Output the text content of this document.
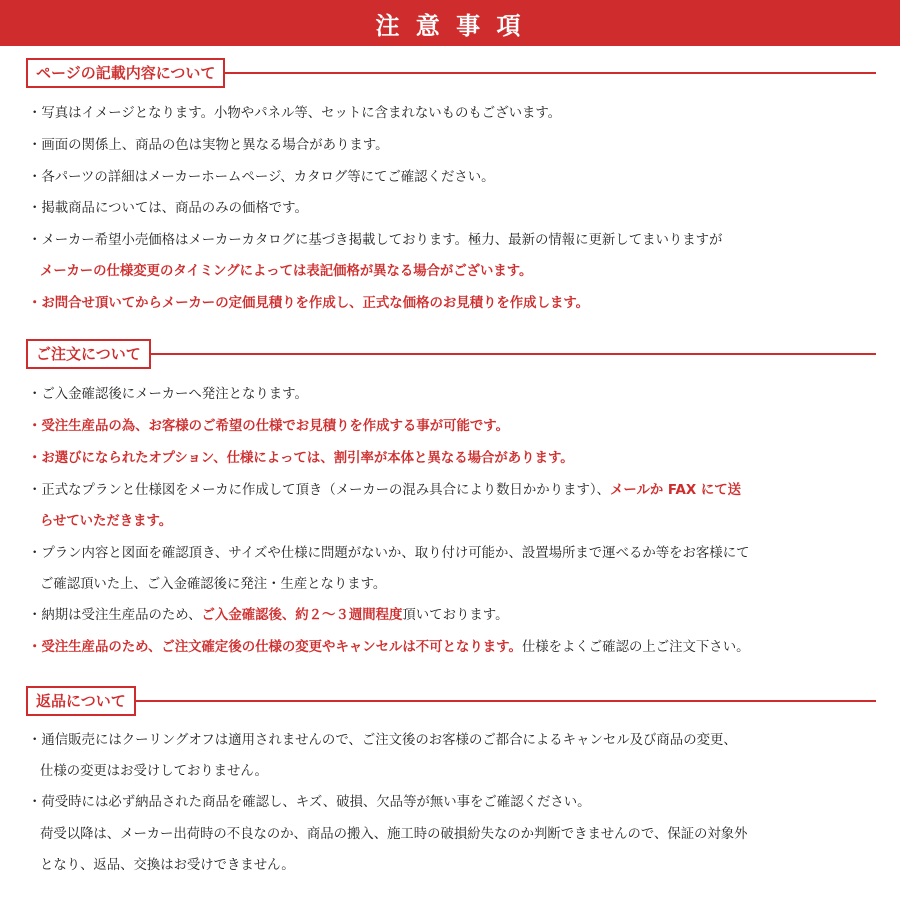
注 意 事 項
ページの記載内容について
・写真はイメージとなります。小物やパネル等、セットに含まれないものもございます。
・画面の関係上、商品の色は実物と異なる場合があります。
・各パーツの詳細はメーカーホームページ、カタログ等にてご確認ください。
・掲載商品については、商品のみの価格です。
・メーカー希望小売価格はメーカーカタログに基づき掲載しております。極力、最新の情報に更新してまいりますが
メーカーの仕様変更のタイミングによっては表記価格が異なる場合がございます。
・お問合せ頂いてからメーカーの定価見積りを作成し、正式な価格のお見積りを作成します。
ご注文について
・ご入金確認後にメーカーへ発注となります。
・受注生産品の為、お客様のご希望の仕様でお見積りを作成する事が可能です。
・お選びになられたオプション、仕様によっては、割引率が本体と異なる場合があります。
・正式なプランと仕様図をメーカに作成して頂き（メーカーの混み具合により数日かかります）、メールか FAX にて送
らせていただきます。
・プラン内容と図面を確認頂き、サイズや仕様に問題がないか、取り付け可能か、設置場所まで運べるか等をお客様にて
ご確認頂いた上、ご入金確認後に発注・生産となります。
・納期は受注生産品のため、ご入金確認後、約２～３週間程度頂いております。
・受注生産品のため、ご注文確定後の仕様の変更やキャンセルは不可となります。仕様をよくご確認の上ご注文下さい。
返品について
・通信販売にはクーリングオフは適用されませんので、ご注文後のお客様のご都合によるキャンセル及び商品の変更、
仕様の変更はお受けしておりません。
・荷受時には必ず納品された商品を確認し、キズ、破損、欠品等が無い事をご確認ください。
荷受以降は、メーカー出荷時の不良なのか、商品の搬入、施工時の破損紛失なのか判断できませんので、保証の対象外
となり、返品、交換はお受けできません。
